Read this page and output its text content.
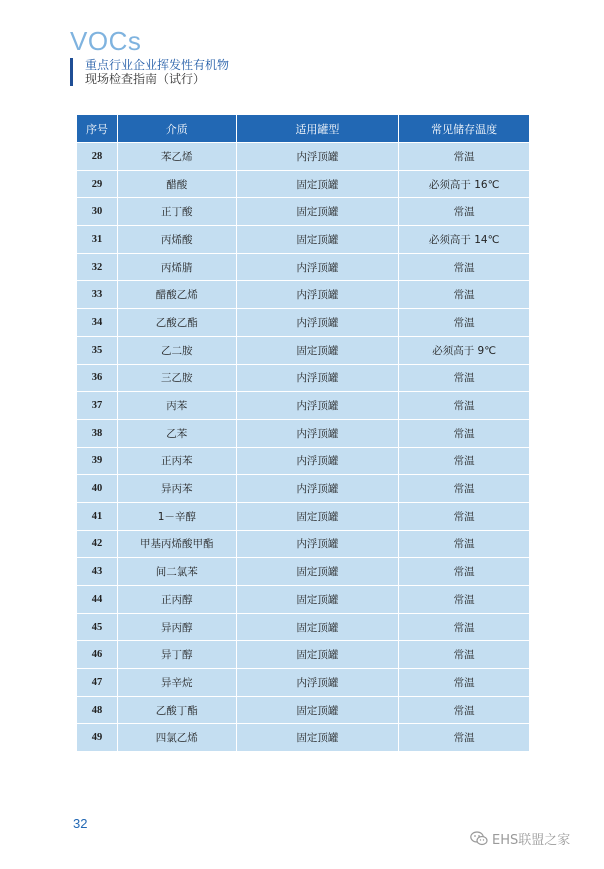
VOCs
重点行业企业挥发性有机物
现场检查指南（试行）
序号	介质	适用罐型	常见储存温度
28	苯乙烯	内浮顶罐	常温
29	醋酸	固定顶罐	必须高于 16℃
30	正丁酸	固定顶罐	常温
31	丙烯酸	固定顶罐	必须高于 14℃
32	丙烯腈	内浮顶罐	常温
33	醋酸乙烯	内浮顶罐	常温
34	乙酸乙酯	内浮顶罐	常温
35	乙二胺	固定顶罐	必须高于 9℃
36	三乙胺	内浮顶罐	常温
37	丙苯	内浮顶罐	常温
38	乙苯	内浮顶罐	常温
39	正丙苯	内浮顶罐	常温
40	异丙苯	内浮顶罐	常温
41	1－辛醇	固定顶罐	常温
42	甲基丙烯酸甲酯	内浮顶罐	常温
43	间二氯苯	固定顶罐	常温
44	正丙醇	固定顶罐	常温
45	异丙醇	固定顶罐	常温
46	异丁醇	固定顶罐	常温
47	异辛烷	内浮顶罐	常温
48	乙酸丁酯	固定顶罐	常温
49	四氯乙烯	固定顶罐	常温
32
EHS联盟之家
